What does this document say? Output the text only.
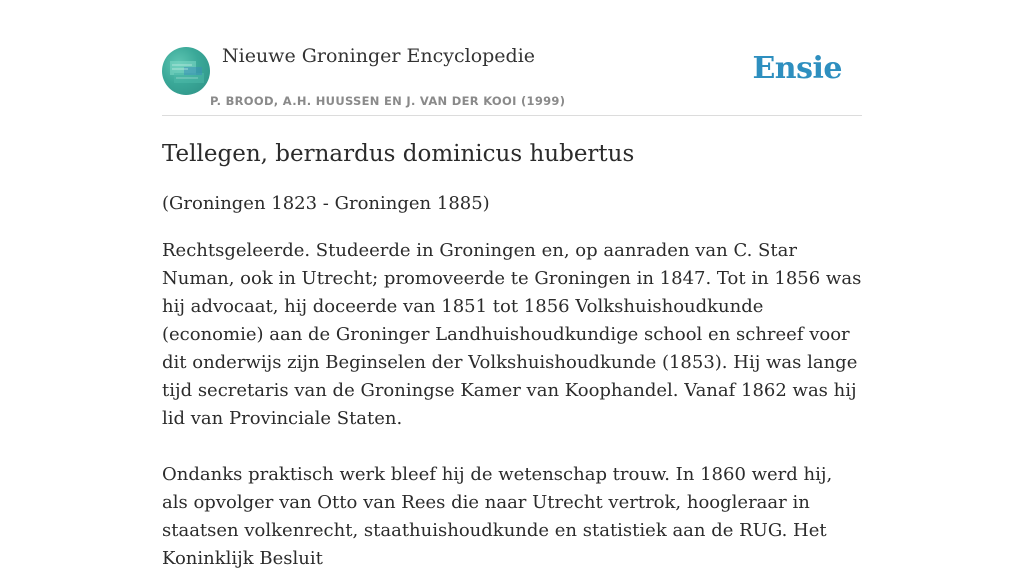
Nieuwe Groninger Encyclopedie
P. BROOD, A.H. HUUSSEN EN J. VAN DER KOOI (1999)
Ensie
Tellegen, bernardus dominicus hubertus

(Groningen 1823 - Groningen 1885)

Rechtsgeleerde. Studeerde in Groningen en, op aanraden van C. Star Numan, ook in Utrecht; promoveerde te Groningen in 1847. Tot in 1856 was hij advocaat, hij doceerde van 1851 tot 1856 Volkshuishoudkunde (economie) aan de Groninger Landhuishoudkundige school en schreef voor dit onderwijs zijn Beginselen der Volkshuishoudkunde (1853). Hij was lange tijd secretaris van de Groningse Kamer van Koophandel. Vanaf 1862 was hij lid van Provinciale Staten.

Ondanks praktisch werk bleef hij de wetenschap trouw. In 1860 werd hij, als opvolger van Otto van Rees die naar Utrecht vertrok, hoogleraar in staatsen volkenrecht, staathuishoudkunde en statistiek aan de RUG. Het Koninklijk Besluit
